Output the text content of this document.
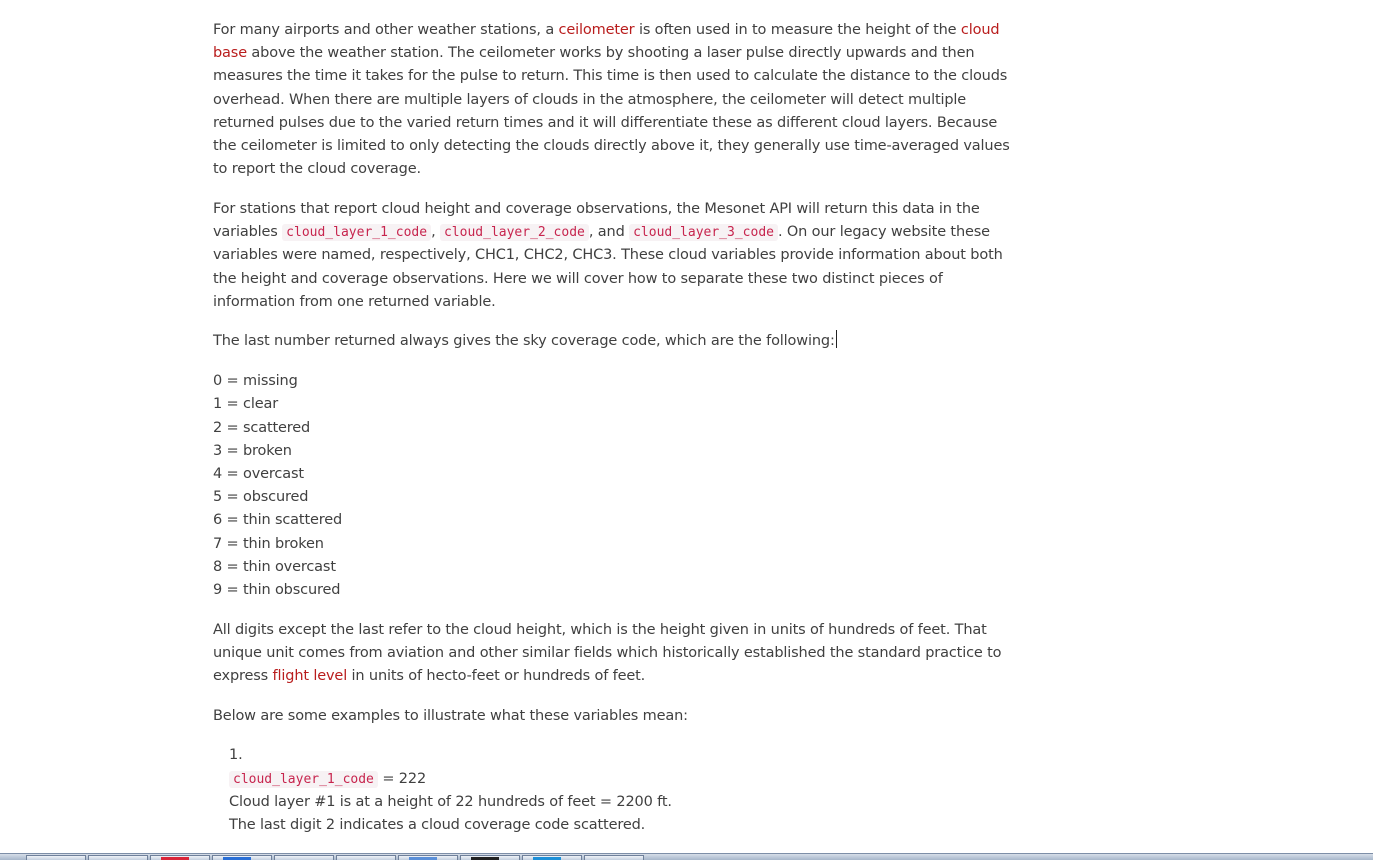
For many airports and other weather stations, a ceilometer is often used in to measure the height of the cloud base above the weather station. The ceilometer works by shooting a laser pulse directly upwards and then measures the time it takes for the pulse to return. This time is then used to calculate the distance to the clouds overhead. When there are multiple layers of clouds in the atmosphere, the ceilometer will detect multiple returned pulses due to the varied return times and it will differentiate these as different cloud layers. Because the ceilometer is limited to only detecting the clouds directly above it, they generally use time-averaged values to report the cloud coverage.

For stations that report cloud height and coverage observations, the Mesonet API will return this data in the variables cloud_layer_1_code , cloud_layer_2_code , and cloud_layer_3_code . On our legacy website these variables were named, respectively, CHC1, CHC2, CHC3. These cloud variables provide information about both the height and coverage observations. Here we will cover how to separate these two distinct pieces of information from one returned variable.

The last number returned always gives the sky coverage code, which are the following:

0 = missing
1 = clear
2 = scattered
3 = broken
4 = overcast
5 = obscured
6 = thin scattered
7 = thin broken
8 = thin overcast
9 = thin obscured

All digits except the last refer to the cloud height, which is the height given in units of hundreds of feet. That unique unit comes from aviation and other similar fields which historically established the standard practice to express flight level in units of hecto-feet or hundreds of feet.

Below are some examples to illustrate what these variables mean:

1.
cloud_layer_1_code = 222
Cloud layer #1 is at a height of 22 hundreds of feet = 2200 ft.
The last digit 2 indicates a cloud coverage code scattered.
